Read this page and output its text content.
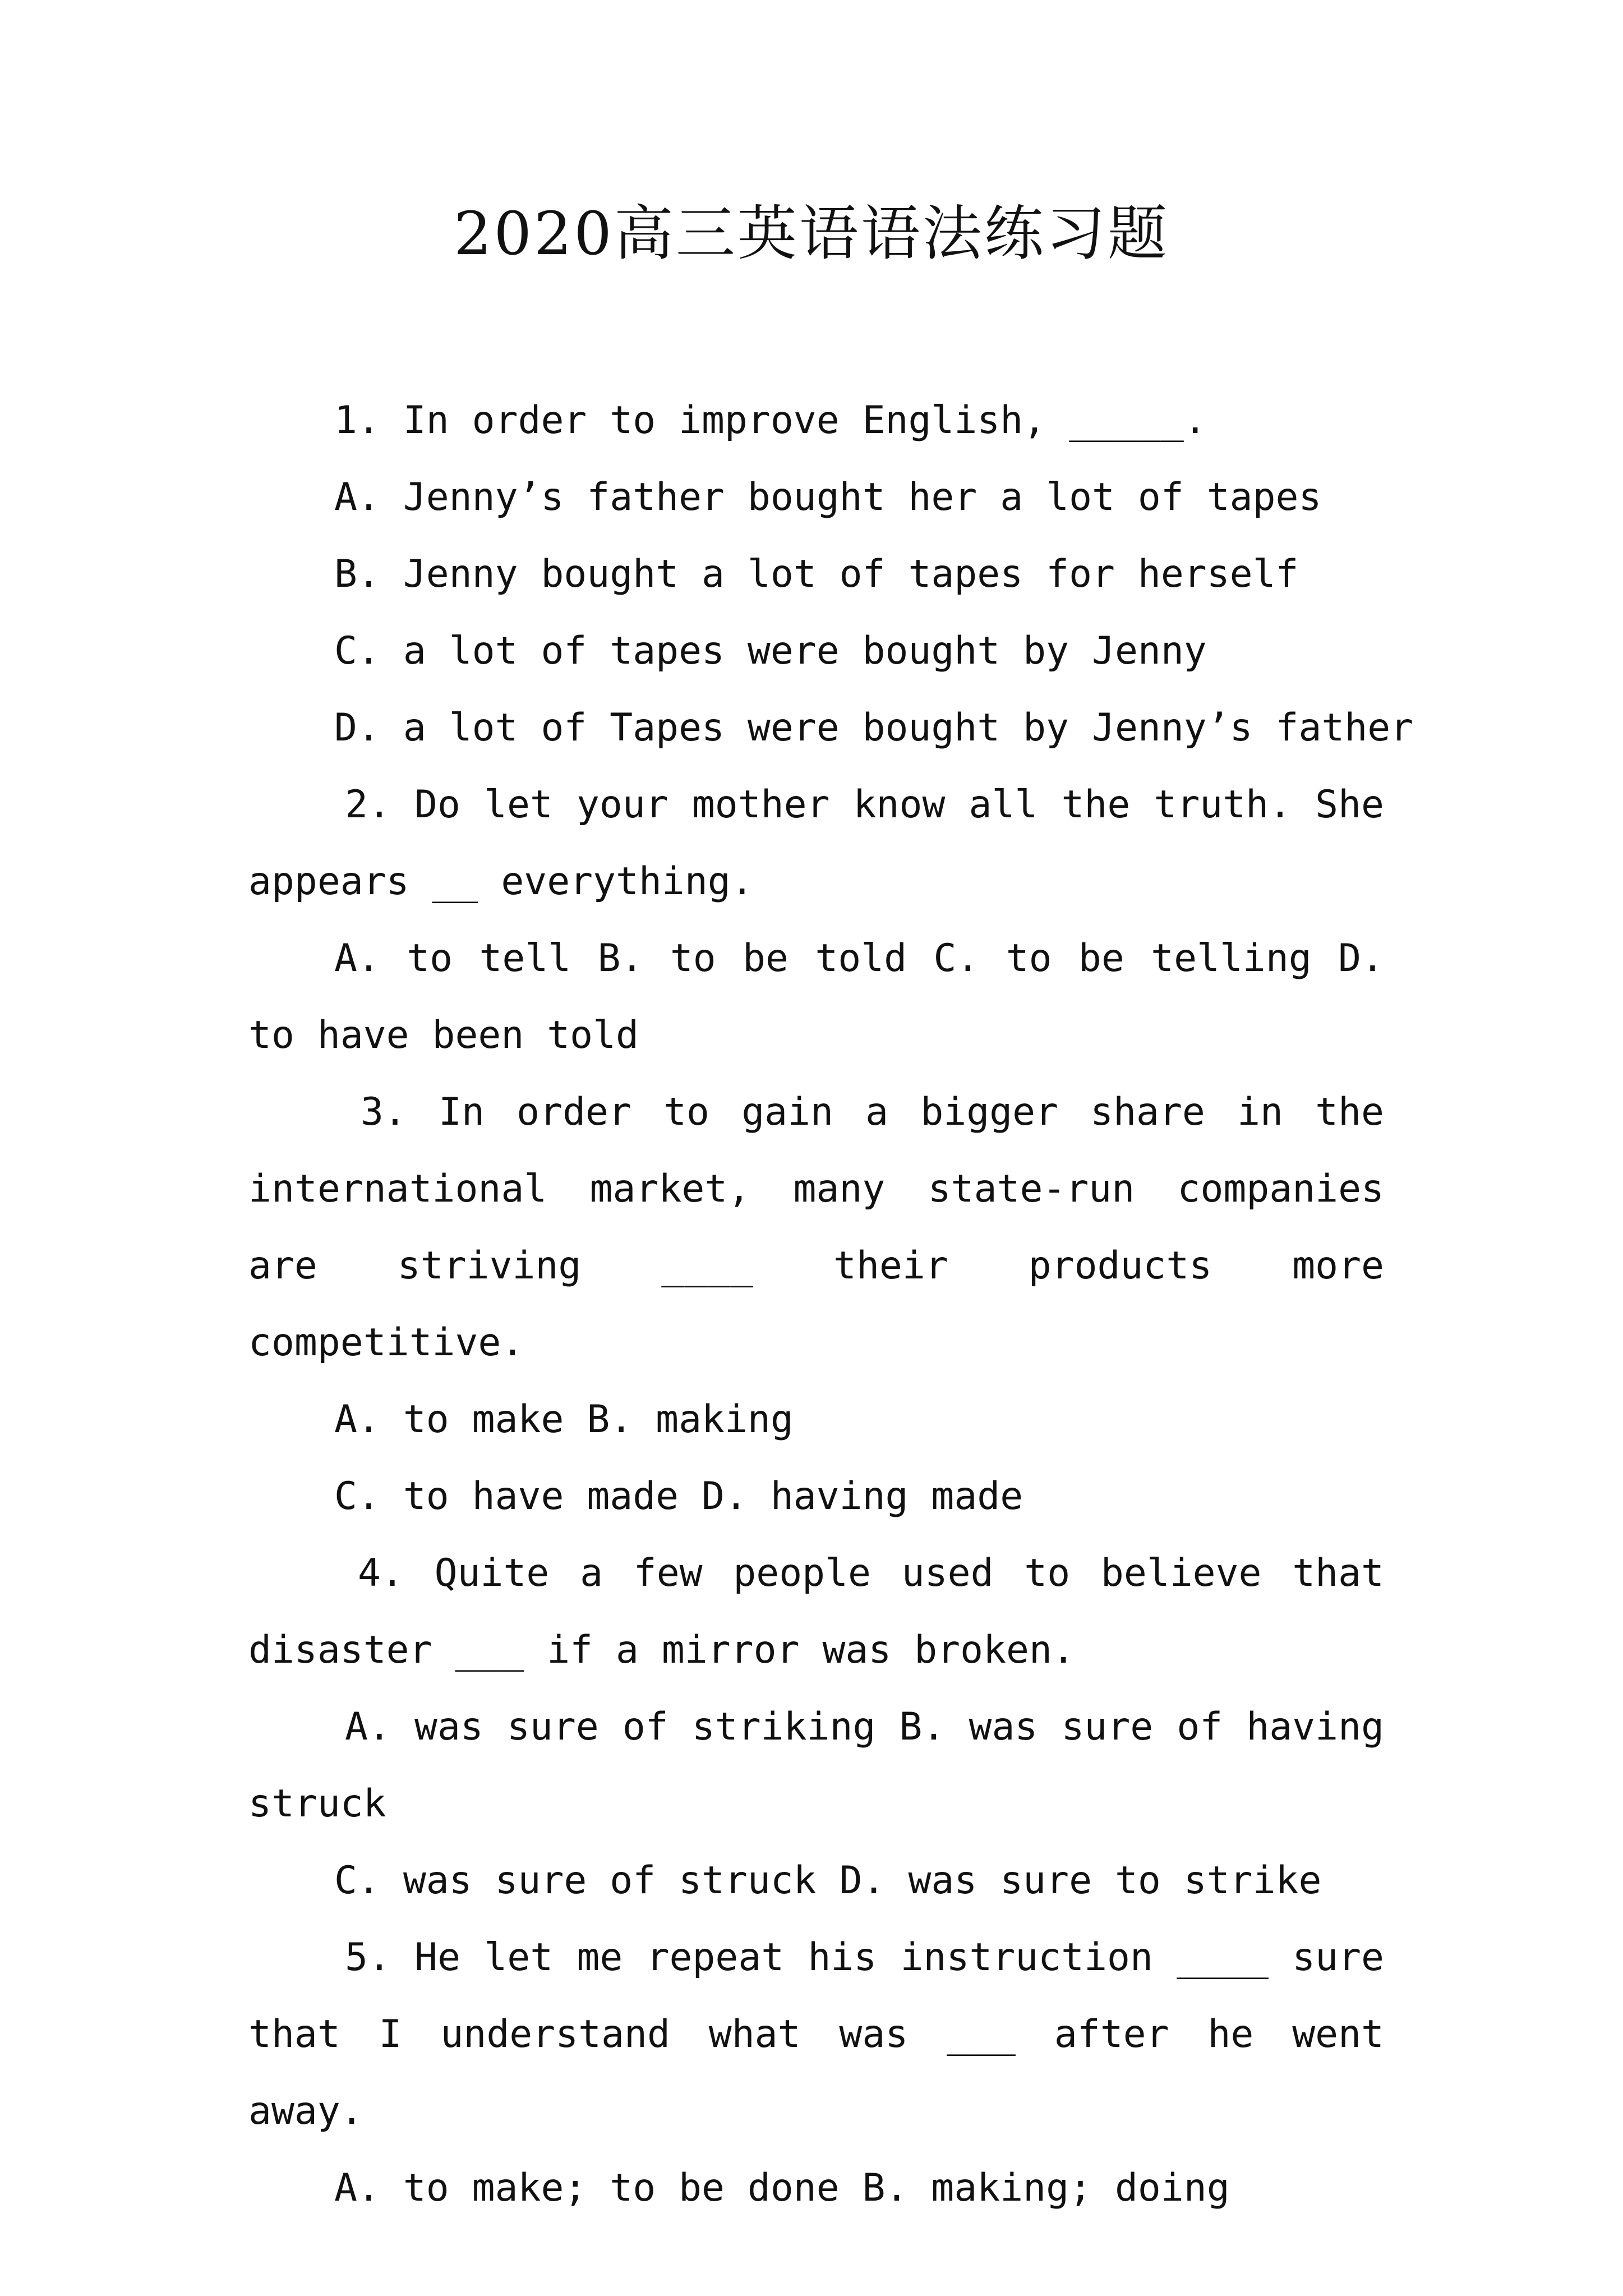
2020高三英语语法练习题

1. In order to improve English, _____.

A. Jenny’s father bought her a lot of tapes

B. Jenny bought a lot of tapes for herself

C. a lot of tapes were bought by Jenny

D. a lot of Tapes were bought by Jenny’s father

2. Do let your mother know all the truth. She appears __ everything.

A. to tell B. to be told C. to be telling D. to have been told

3. In order to gain a bigger share in the international market, many state-run companies are striving ____ their products more competitive.

A. to make B. making

C. to have made D. having made

4. Quite a few people used to believe that disaster ___ if a mirror was broken.

A. was sure of striking B. was sure of having struck

C. was sure of struck D. was sure to strike

5. He let me repeat his instruction ____ sure that I understand what was ___ after he went away.

A. to make; to be done B. making; doing
